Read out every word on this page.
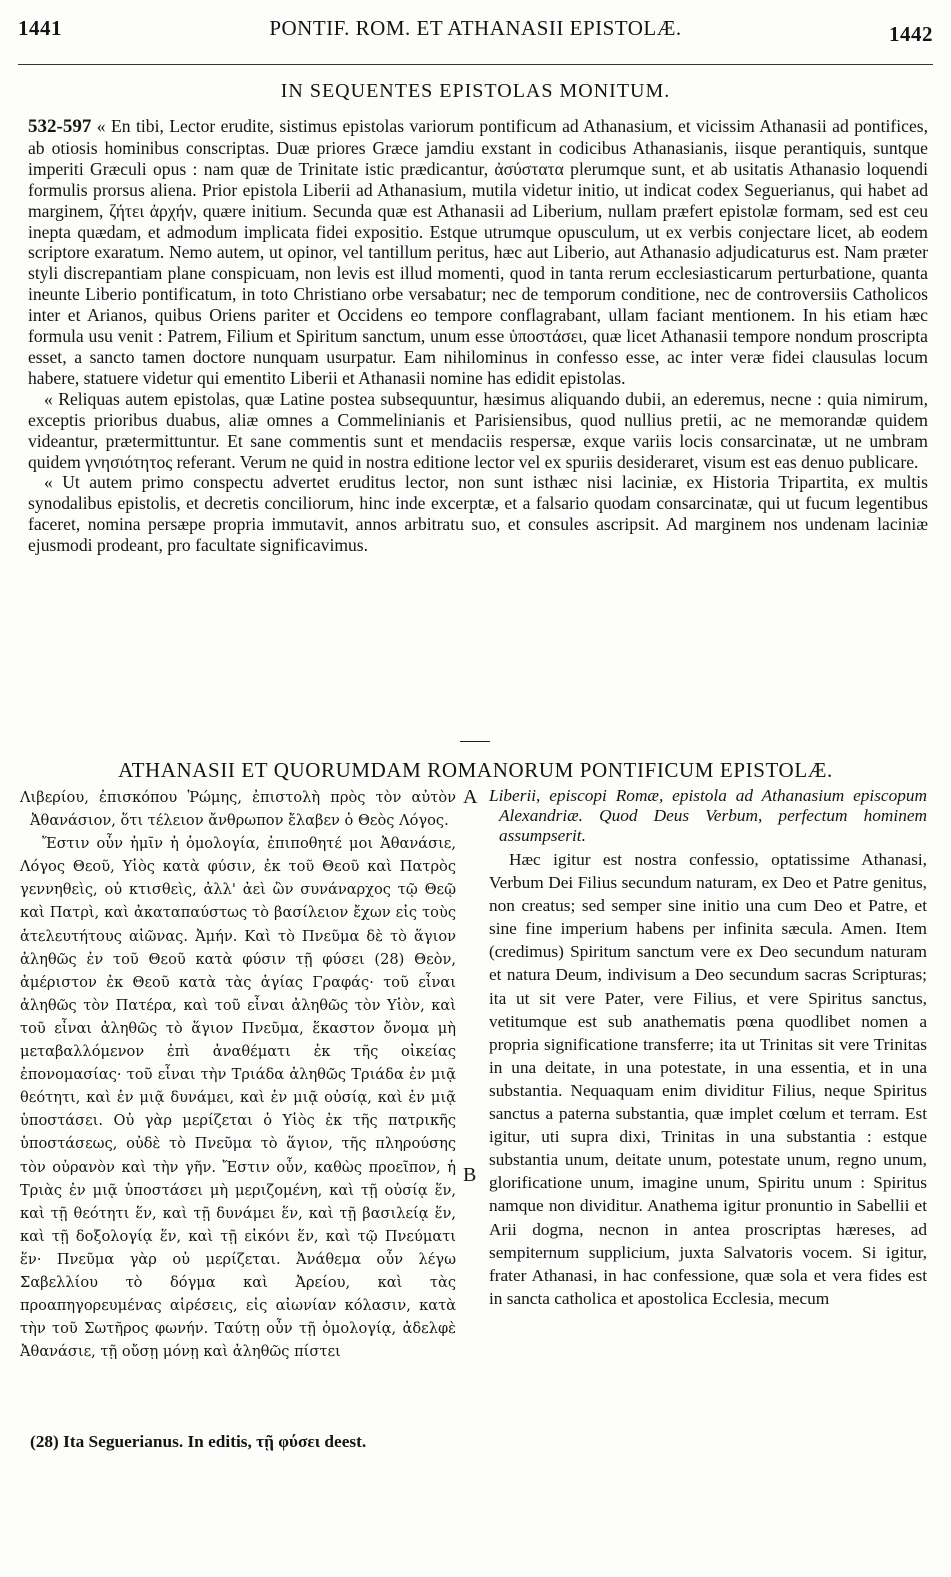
1441	PONTIF. ROM. ET ATHANASII EPISTOLÆ.	1442
IN SEQUENTES EPISTOLAS MONITUM.

532-597 « En tibi, Lector erudite, sistimus epistolas variorum pontificum ad Athanasium, et vicissim Athanasii ad pontifices, ab otiosis hominibus conscriptas. Duæ priores Græce jamdiu exstant in codicibus Athanasianis, iisque perantiquis, suntque imperiti Græculi opus : nam quæ de Trinitate istic prædicantur, ἀσύστατα plerumque sunt, et ab usitatis Athanasio loquendi formulis prorsus aliena. Prior epistola Liberii ad Athanasium, mutila videtur initio, ut indicat codex Seguerianus, qui habet ad marginem, ζήτει ἀρχήν, quære initium. Secunda quæ est Athanasii ad Liberium, nullam præfert epistolæ formam, sed est ceu inepta quædam, et admodum implicata fidei expositio. Estque utrumque opusculum, ut ex verbis conjectare licet, ab eodem scriptore exaratum. Nemo autem, ut opinor, vel tantillum peritus, hæc aut Liberio, aut Athanasio adjudicaturus est. Nam præter styli discrepantiam plane conspicuam, non levis est illud momenti, quod in tanta rerum ecclesiasticarum perturbatione, quanta ineunte Liberio pontificatum, in toto Christiano orbe versabatur; nec de temporum conditione, nec de controversiis Catholicos inter et Arianos, quibus Oriens pariter et Occidens eo tempore conflagrabant, ullam faciant mentionem. In his etiam hæc formula usu venit : Patrem, Filium et Spiritum sanctum, unum esse ὑποστάσει, quæ licet Athanasii tempore nondum proscripta esset, a sancto tamen doctore nunquam usurpatur. Eam nihilominus in confesso esse, ac inter veræ fidei clausulas locum habere, statuere videtur qui ementito Liberii et Athanasii nomine has edidit epistolas.

« Reliquas autem epistolas, quæ Latine postea subsequuntur, hæsimus aliquando dubii, an ederemus, necne : quia nimirum, exceptis prioribus duabus, aliæ omnes a Commelinianis et Parisiensibus, quod nullius pretii, ac ne memorandæ quidem videantur, prætermittuntur. Et sane commentis sunt et mendaciis respersæ, exque variis locis consarcinatæ, ut ne umbram quidem γνησιότητος referant. Verum ne quid in nostra editione lector vel ex spuriis desideraret, visum est eas denuo publicare.

« Ut autem primo conspectu advertet eruditus lector, non sunt isthæc nisi laciniæ, ex Historia Tripartita, ex multis synodalibus epistolis, et decretis conciliorum, hinc inde excerptæ, et a falsario quodam consarcinatæ, qui ut fucum legentibus faceret, nomina persæpe propria immutavit, annos arbitratu suo, et consules ascripsit. Ad marginem nos undenam laciniæ ejusmodi prodeant, pro facultate significavimus.

ATHANASII ET QUORUMDAM ROMANORUM PONTIFICUM EPISTOLÆ.

Λιβερίου, ἐπισκόπου Ῥώμης, ἐπιστολὴ πρὸς τὸν αὐτὸν Ἀθανάσιον, ὅτι τέλειον ἄνθρωπον ἔλαβεν ὁ Θεὸς Λόγος.

Ἔστιν οὖν ἡμῖν ἡ ὁμολογία, ἐπιποθητέ μοι Ἀθανάσιε, Λόγος Θεοῦ, Υἱὸς κατὰ φύσιν, ἐκ τοῦ Θεοῦ καὶ Πατρὸς γεννηθεὶς, οὐ κτισθεὶς, ἀλλ' ἀεὶ ὢν συνάναρχος τῷ Θεῷ καὶ Πατρὶ, καὶ ἀκαταπαύστως τὸ βασίλειον ἔχων εἰς τοὺς ἀτελευτήτους αἰῶνας. Ἀμήν. Καὶ τὸ Πνεῦμα δὲ τὸ ἅγιον ἀληθῶς ἐν τοῦ Θεοῦ κατὰ φύσιν τῇ φύσει (28) Θεὸν, ἀμέριστον ἐκ Θεοῦ κατὰ τὰς ἁγίας Γραφάς· τοῦ εἶναι ἀληθῶς τὸν Πατέρα, καὶ τοῦ εἶναι ἀληθῶς τὸν Υἱὸν, καὶ τοῦ εἶναι ἀληθῶς τὸ ἅγιον Πνεῦμα, ἕκαστον ὄνομα μὴ μεταβαλλόμενον ἐπὶ ἀναθέματι ἐκ τῆς οἰκείας ἐπονομασίας· τοῦ εἶναι τὴν Τριάδα ἀληθῶς Τριάδα ἐν μιᾷ θεότητι, καὶ ἐν μιᾷ δυνάμει, καὶ ἐν μιᾷ οὐσίᾳ, καὶ ἐν μιᾷ ὑποστάσει. Οὐ γὰρ μερίζεται ὁ Υἱὸς ἐκ τῆς πατρικῆς ὑποστάσεως, οὐδὲ τὸ Πνεῦμα τὸ ἅγιον, τῆς πληρούσης τὸν οὐρανὸν καὶ τὴν γῆν. Ἔστιν οὖν, καθὼς προεῖπον, ἡ Τριὰς ἐν μιᾷ ὑποστάσει μὴ μεριζομένη, καὶ τῇ οὐσίᾳ ἕν, καὶ τῇ θεότητι ἕν, καὶ τῇ δυνάμει ἕν, καὶ τῇ βασιλείᾳ ἕν, καὶ τῇ δοξολογίᾳ ἕν, καὶ τῇ εἰκόνι ἕν, καὶ τῷ Πνεύματι ἕν· Πνεῦμα γὰρ οὐ μερίζεται. Ἀνάθεμα οὖν λέγω Σαβελλίου τὸ δόγμα καὶ Ἀρείου, καὶ τὰς προαπηγορευμένας αἱρέσεις, εἰς αἰωνίαν κόλασιν, κατὰ τὴν τοῦ Σωτῆρος φωνήν. Ταύτῃ οὖν τῇ ὁμολογίᾳ, ἀδελφὲ Ἀθανάσιε, τῇ οὔσῃ μόνῃ καὶ ἀληθῶς πίστει

A
B

Liberii, episcopi Romæ, epistola ad Athanasium episcopum Alexandriæ. Quod Deus Verbum, perfectum hominem assumpserit.

Hæc igitur est nostra confessio, optatissime Athanasi, Verbum Dei Filius secundum naturam, ex Deo et Patre genitus, non creatus; sed semper sine initio una cum Deo et Patre, et sine fine imperium habens per infinita sæcula. Amen. Item (credimus) Spiritum sanctum vere ex Deo secundum naturam et natura Deum, indivisum a Deo secundum sacras Scripturas; ita ut sit vere Pater, vere Filius, et vere Spiritus sanctus, vetitumque est sub anathematis pœna quodlibet nomen a propria significatione transferre; ita ut Trinitas sit vere Trinitas in una deitate, in una potestate, in una essentia, et in una substantia. Nequaquam enim dividitur Filius, neque Spiritus sanctus a paterna substantia, quæ implet cœlum et terram. Est igitur, uti supra dixi, Trinitas in una substantia : estque substantia unum, deitate unum, potestate unum, regno unum, glorificatione unum, imagine unum, Spiritu unum : Spiritus namque non dividitur. Anathema igitur pronuntio in Sabellii et Arii dogma, necnon in antea proscriptas hæreses, ad sempiternum supplicium, juxta Salvatoris vocem. Si igitur, frater Athanasi, in hac confessione, quæ sola et vera fides est in sancta catholica et apostolica Ecclesia, mecum

(28) Ita Seguerianus. In editis, τῇ φύσει deest.
